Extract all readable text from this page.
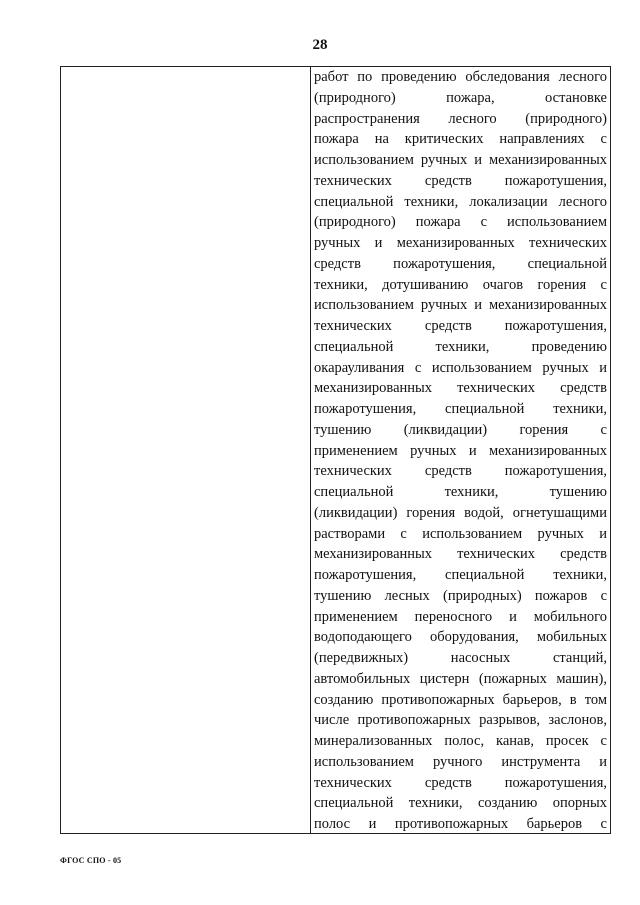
28
работ по проведению обследования лесного
(природного) пожара, остановке
распространения лесного (природного)
пожара на критических направлениях с
использованием ручных и механизированных
технических средств пожаротушения,
специальной техники, локализации лесного
(природного) пожара с использованием
ручных и механизированных технических
средств пожаротушения, специальной
техники, дотушиванию очагов горения с
использованием ручных и механизированных
технических средств пожаротушения,
специальной техники, проведению
окарауливания с использованием ручных и
механизированных технических средств
пожаротушения, специальной техники,
тушению (ликвидации) горения с
применением ручных и механизированных
технических средств пожаротушения,
специальной техники, тушению
(ликвидации) горения водой, огнетушащими
растворами с использованием ручных и
механизированных технических средств
пожаротушения, специальной техники,
тушению лесных (природных) пожаров с
применением переносного и мобильного
водоподающего оборудования, мобильных
(передвижных) насосных станций,
автомобильных цистерн (пожарных машин),
созданию противопожарных барьеров, в том
числе противопожарных разрывов, заслонов,
минерализованных полос, канав, просек с
использованием ручного инструмента и
технических средств пожаротушения,
специальной техники, созданию опорных
полос и противопожарных барьеров с
ФГОС СПО - 05
